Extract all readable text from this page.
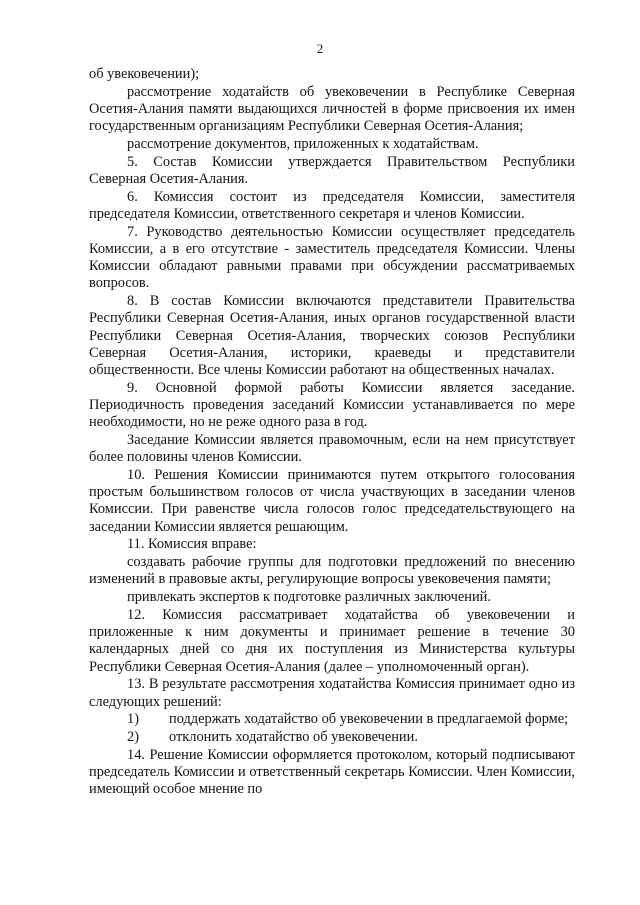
2

об увековечении);

рассмотрение ходатайств об увековечении в Республике Северная Осетия-Алания памяти выдающихся личностей в форме присвоения их имен государственным организациям Республики Северная Осетия-Алания;

рассмотрение документов, приложенных к ходатайствам.

5. Состав Комиссии утверждается Правительством Республики Северная Осетия-Алания.

6. Комиссия состоит из председателя Комиссии, заместителя председателя Комиссии, ответственного секретаря и членов Комиссии.

7. Руководство деятельностью Комиссии осуществляет председатель Комиссии, а в его отсутствие - заместитель председателя Комиссии. Члены Комиссии обладают равными правами при обсуждении рассматриваемых вопросов.

8. В состав Комиссии включаются представители Правительства Республики Северная Осетия-Алания, иных органов государственной власти Республики Северная Осетия-Алания, творческих союзов Республики Северная Осетия-Алания, историки, краеведы и представители общественности. Все члены Комиссии работают на общественных началах.

9. Основной формой работы Комиссии является заседание. Периодичность проведения заседаний Комиссии устанавливается по мере необходимости, но не реже одного раза в год.

Заседание Комиссии является правомочным, если на нем присутствует более половины членов Комиссии.

10. Решения Комиссии принимаются путем открытого голосования простым большинством голосов от числа участвующих в заседании членов Комиссии. При равенстве числа голосов голос председательствующего на заседании Комиссии является решающим.

11. Комиссия вправе:

создавать рабочие группы для подготовки предложений по внесению изменений в правовые акты, регулирующие вопросы увековечения памяти;

привлекать экспертов к подготовке различных заключений.

12. Комиссия рассматривает ходатайства об увековечении и приложенные к ним документы и принимает решение в течение 30 календарных дней со дня их поступления из Министерства культуры Республики Северная Осетия-Алания (далее – уполномоченный орган).

13. В результате рассмотрения ходатайства Комиссия принимает одно из следующих решений:

1) поддержать ходатайство об увековечении в предлагаемой форме;

2) отклонить ходатайство об увековечении.

14. Решение Комиссии оформляется протоколом, который подписывают председатель Комиссии и ответственный секретарь Комиссии. Член Комиссии, имеющий особое мнение по
